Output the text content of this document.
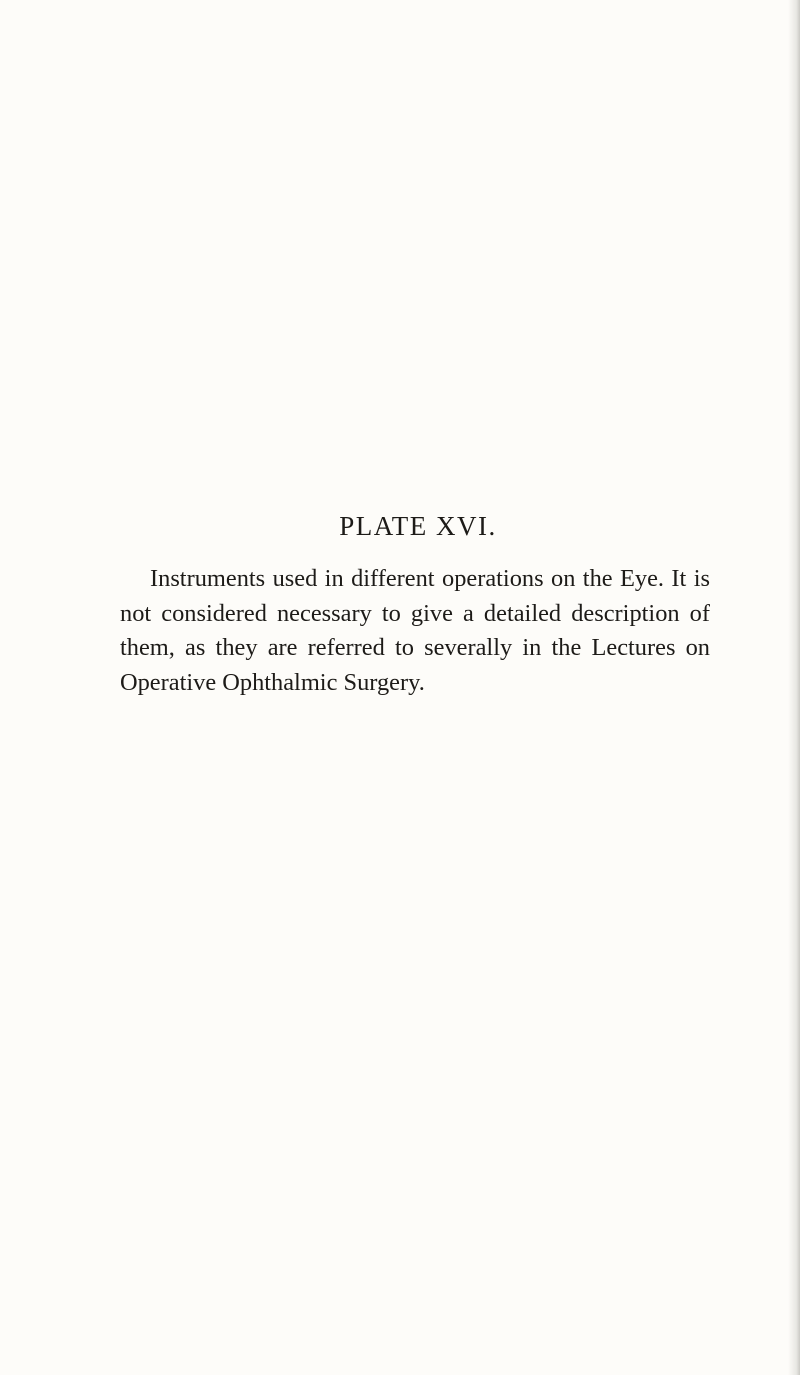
PLATE XVI.

Instruments used in different operations on the Eye. It is not considered necessary to give a detailed description of them, as they are referred to severally in the Lectures on Operative Ophthalmic Surgery.
